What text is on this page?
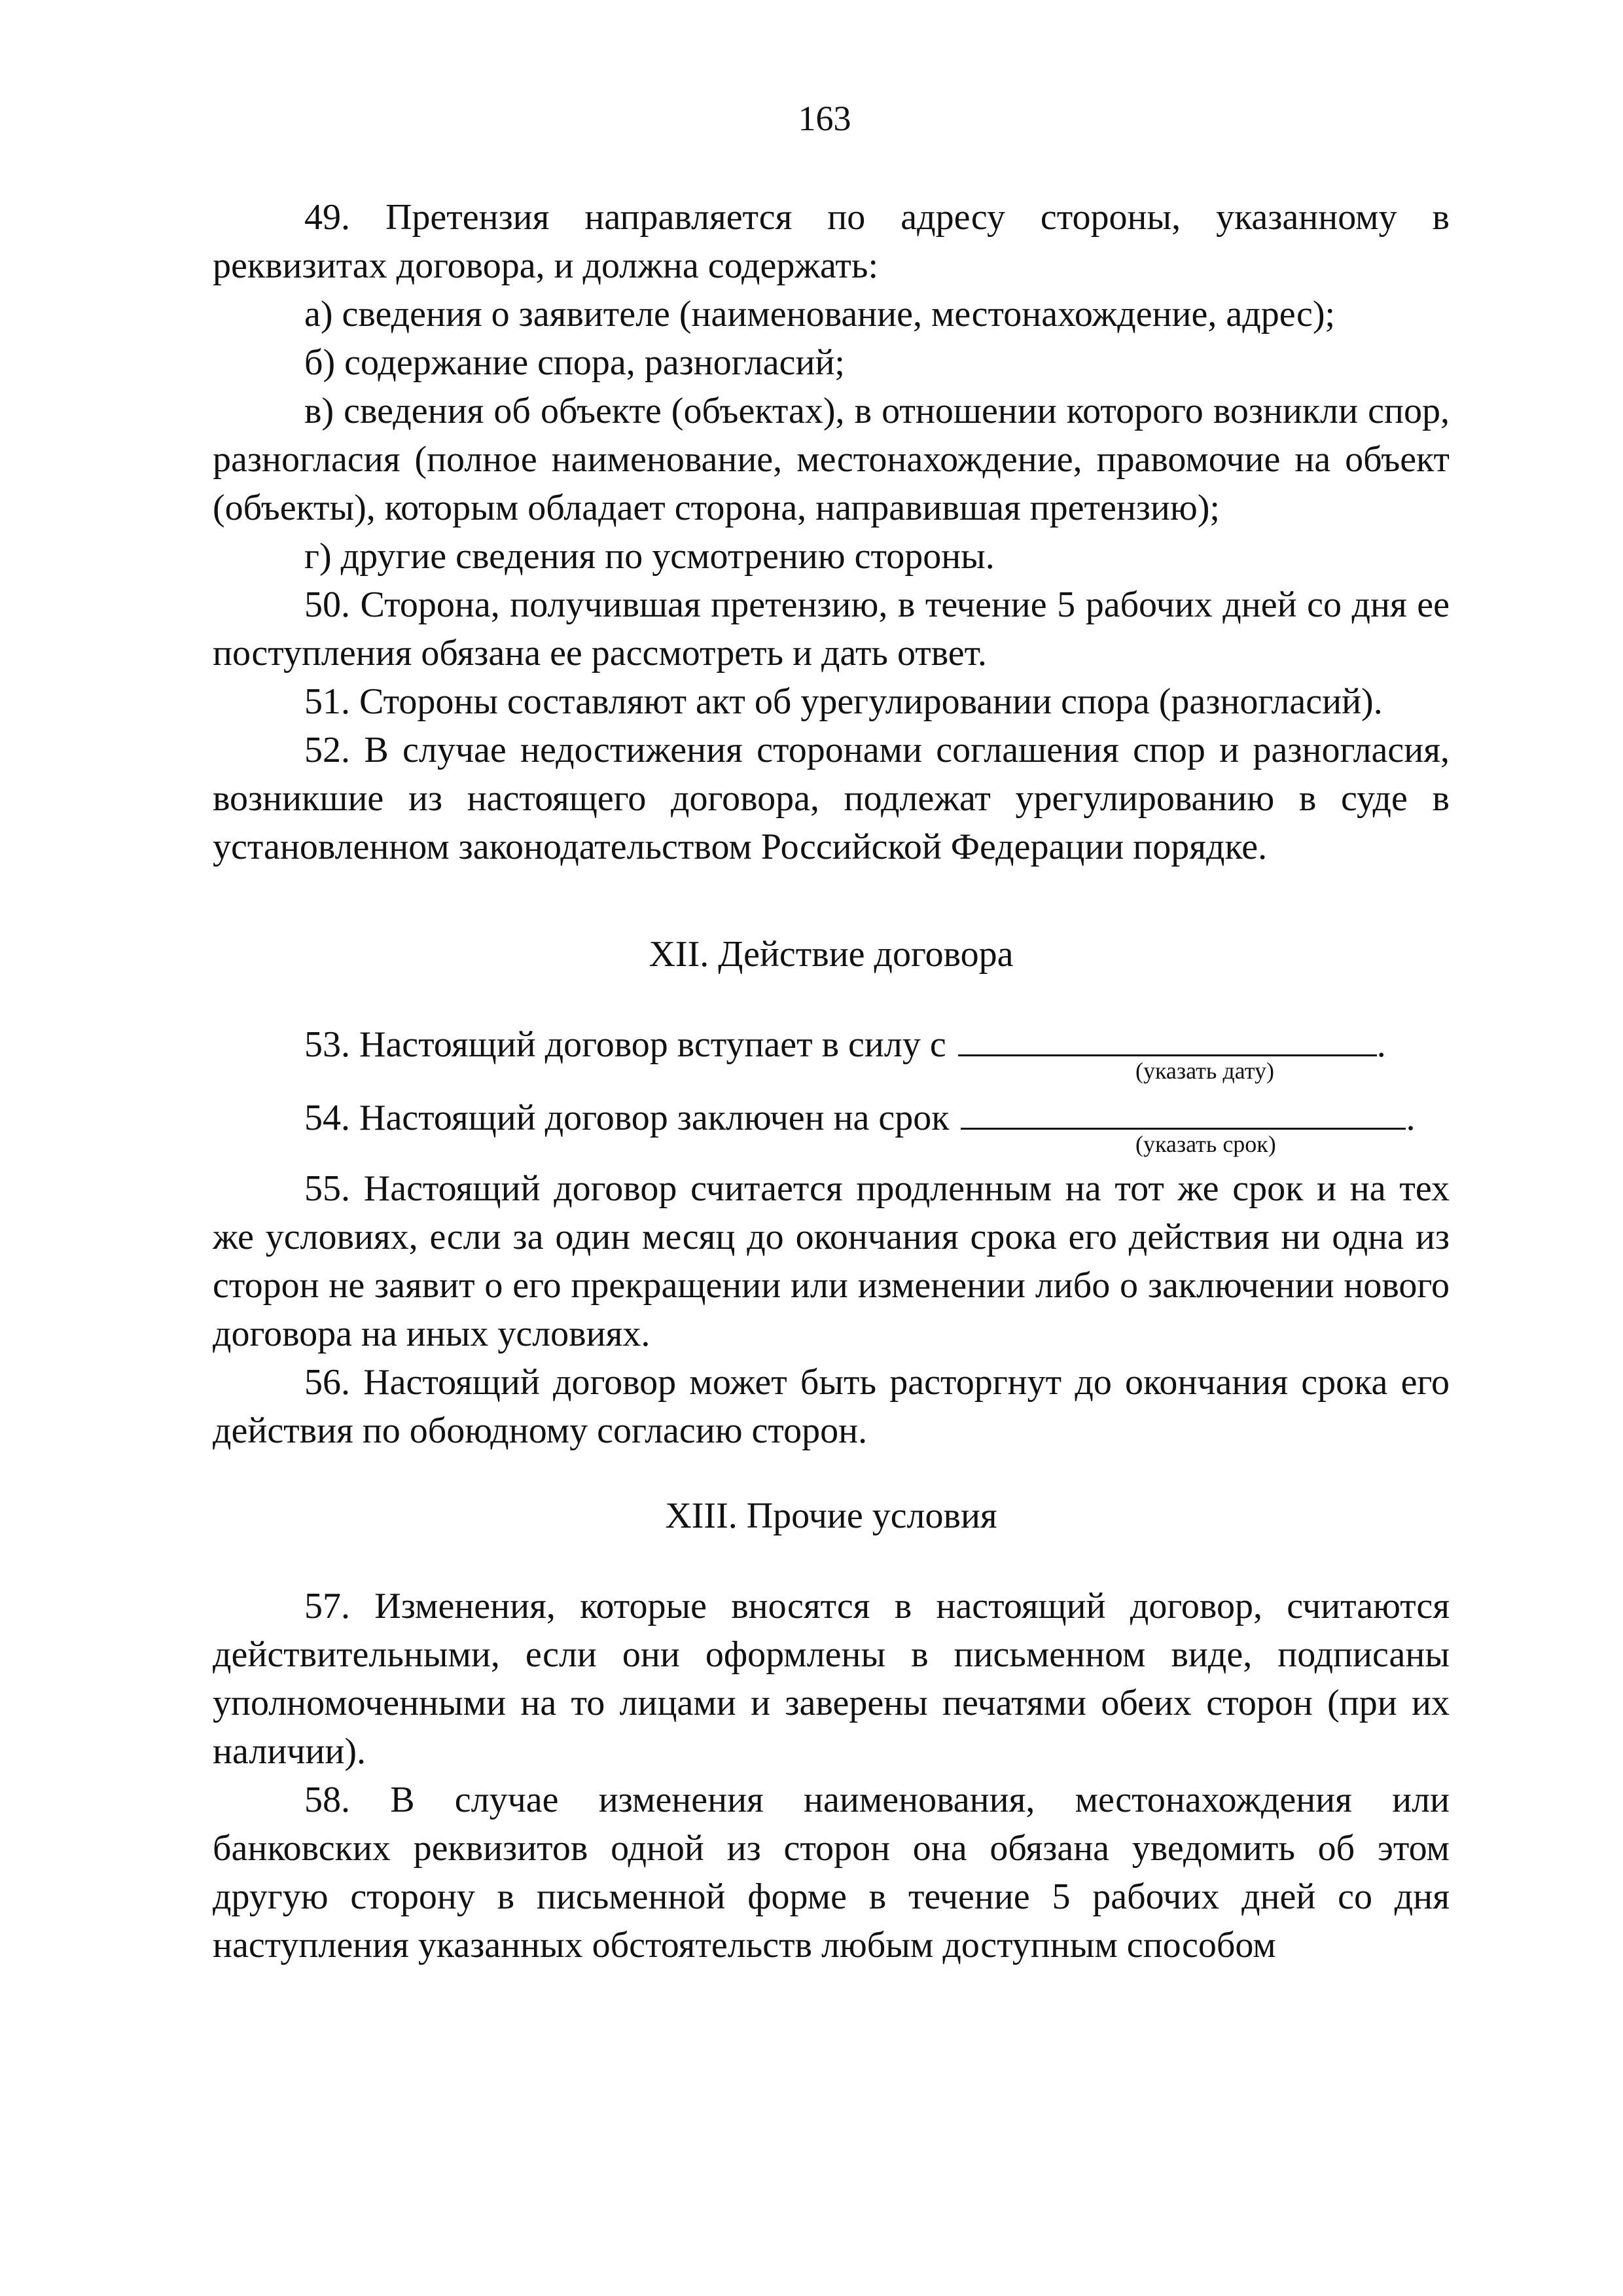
163

49. Претензия направляется по адресу стороны, указанному в реквизитах договора, и должна содержать:

а) сведения о заявителе (наименование, местонахождение, адрес);

б) содержание спора, разногласий;

в) сведения об объекте (объектах), в отношении которого возникли спор, разногласия (полное наименование, местонахождение, правомочие на объект (объекты), которым обладает сторона, направившая претензию);

г) другие сведения по усмотрению стороны.

50. Сторона, получившая претензию, в течение 5 рабочих дней со дня ее поступления обязана ее рассмотреть и дать ответ.

51. Стороны составляют акт об урегулировании спора (разногласий).

52. В случае недостижения сторонами соглашения спор и разногласия, возникшие из настоящего договора, подлежат урегулированию в суде в установленном законодательством Российской Федерации порядке.

XII. Действие договора

53. Настоящий договор вступает в силу с	.

(указать дату)

54. Настоящий договор заключен на срок	.

(указать срок)

55. Настоящий договор считается продленным на тот же срок и на тех же условиях, если за один месяц до окончания срока его действия ни одна из сторон не заявит о его прекращении или изменении либо о заключении нового договора на иных условиях.

56. Настоящий договор может быть расторгнут до окончания срока его действия по обоюдному согласию сторон.

XIII. Прочие условия

57. Изменения, которые вносятся в настоящий договор, считаются действительными, если они оформлены в письменном виде, подписаны уполномоченными на то лицами и заверены печатями обеих сторон (при их наличии).

58. В случае изменения наименования, местонахождения или банковских реквизитов одной из сторон она обязана уведомить об этом другую сторону в письменной форме в течение 5 рабочих дней со дня наступления указанных обстоятельств любым доступным способом
